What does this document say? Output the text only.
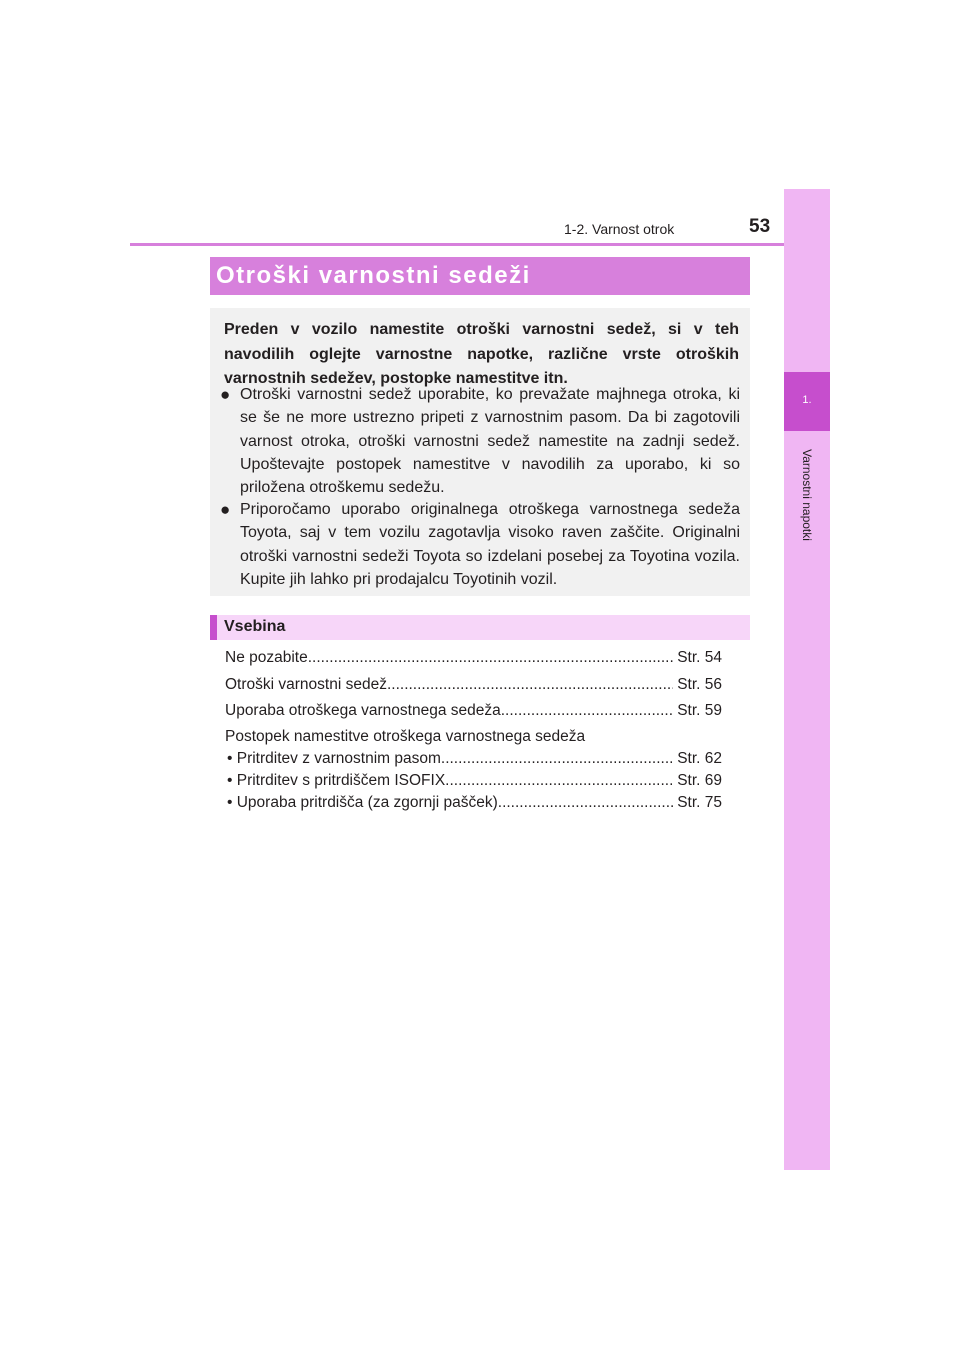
1-2. Varnost otrok	53
1.
Varnostni napotki
Otroški varnostni sedeži
Preden v vozilo namestite otroški varnostni sedež, si v teh navodilih oglejte varnostne napotke, različne vrste otroških varnostnih sedežev, postopke namestitve itn.
● Otroški varnostni sedež uporabite, ko prevažate majhnega otroka, ki se še ne more ustrezno pripeti z varnostnim pasom. Da bi zagotovili varnost otroka, otroški varnostni sedež namestite na zadnji sedež. Upoštevajte postopek namestitve v navodilih za uporabo, ki so priložena otroškemu sedežu.
● Priporočamo uporabo originalnega otroškega varnostnega sedeža Toyota, saj v tem vozilu zagotavlja visoko raven zaščite. Originalni otroški varnostni sedeži Toyota so izdelani posebej za Toyotina vozila. Kupite jih lahko pri prodajalcu Toyotinih vozil.
Vsebina
Ne pozabite .....	Str. 54
Otroški varnostni sedež .....	Str. 56
Uporaba otroškega varnostnega sedeža .....	Str. 59
Postopek namestitve otroškega varnostnega sedeža
• Pritrditev z varnostnim pasom .....	Str. 62
• Pritrditev s pritrdiščem ISOFIX .....	Str. 69
• Uporaba pritrdišča (za zgornji pašček) .....	Str. 75
